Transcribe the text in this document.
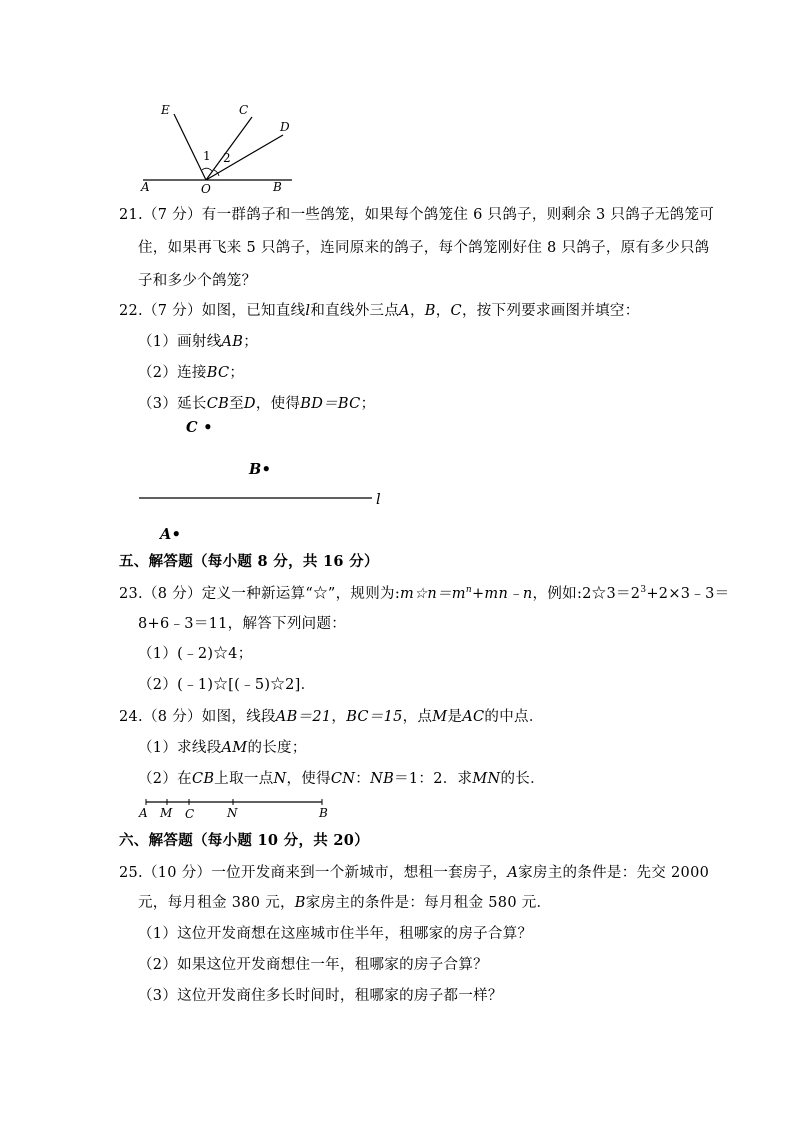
E	C
D
A	O	B
1 2
21.（7 分）有一群鸽子和一些鸽笼，如果每个鸽笼住 6 只鸽子，则剩余 3 只鸽子无鸽笼可
住，如果再飞来 5 只鸽子，连同原来的鸽子，每个鸽笼刚好住 8 只鸽子，原有多少只鸽
子和多少个鸽笼？
22.（7 分）如图，已知直线l和直线外三点A，B，C，按下列要求画图并填空：
（1）画射线AB；
（2）连接BC；
（3）延长CB至D，使得BD＝BC；
C •
B•
l
A•
五、解答题（每小题 8 分，共 16 分）
23.（8 分）定义一种新运算“☆”，规则为$:m☆n=m^n+mn﹣n$，例如$:2☆3=2^3+2\times 3﹣3=$
8+6﹣3＝11，解答下列问题：
（1）(﹣2)☆4；
（2）(﹣1)☆[(﹣5)☆2]．
24.（8 分）如图，线段AB＝21，BC＝15，点M是AC的中点．
（1）求线段AM的长度；
（2）在CB上取一点N，使得CN：NB＝1：2．求MN的长．
A M C	N	B
六、解答题（每小题 10 分，共 20）
25.（10 分）一位开发商来到一个新城市，想租一套房子，A家房主的条件是：先交 2000
元，每月租金 380 元，B家房主的条件是：每月租金 580 元．
（1）这位开发商想在这座城市住半年，租哪家的房子合算？
（2）如果这位开发商想住一年，租哪家的房子合算？
（3）这位开发商住多长时间时，租哪家的房子都一样？
